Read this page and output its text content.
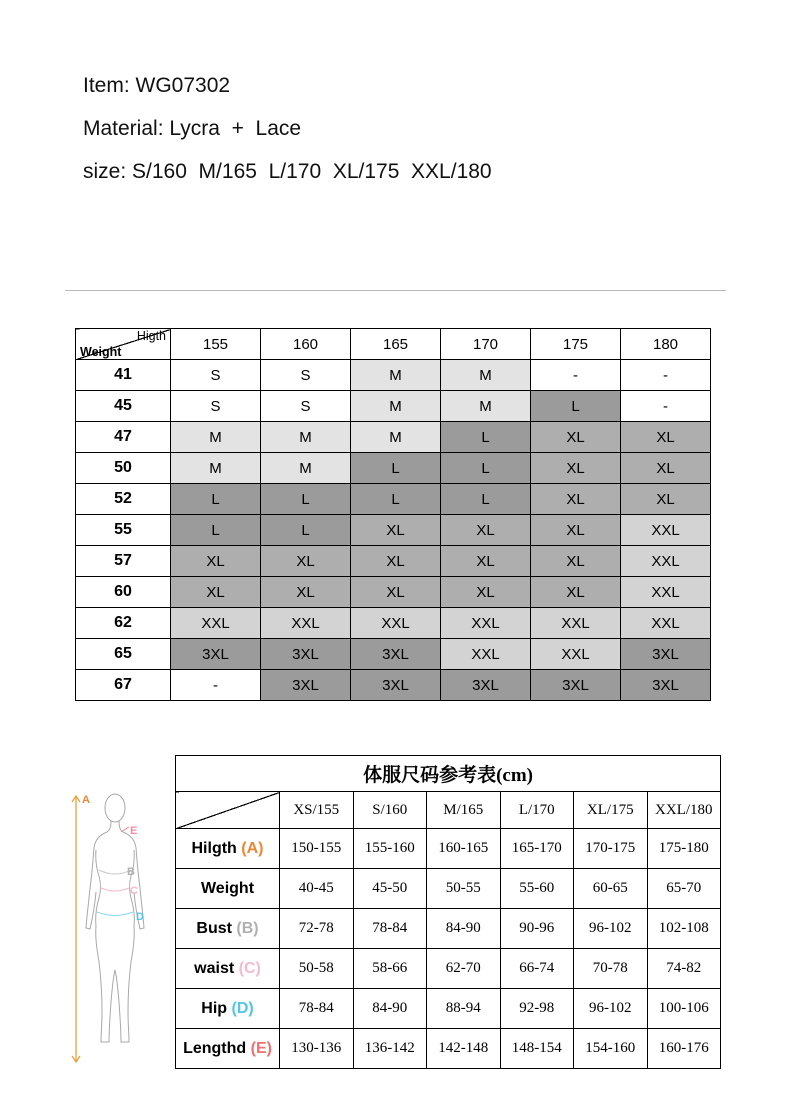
Item: WG07302
Material: Lycra  +  Lace
size: S/160  M/165  L/170  XL/175  XXL/180
Higth
Weight	155	160	165	170	175	180
41	S	S	M	M	-	-
45	S	S	M	M	L	-
47	M	M	M	L	XL	XL
50	M	M	L	L	XL	XL
52	L	L	L	L	XL	XL
55	L	L	XL	XL	XL	XXL
57	XL	XL	XL	XL	XL	XXL
60	XL	XL	XL	XL	XL	XXL
62	XXL	XXL	XXL	XXL	XXL	XXL
65	3XL	3XL	3XL	XXL	XXL	3XL
67	-	3XL	3XL	3XL	3XL	3XL
A
E
B
C
D
体服尺码参考表(cm)						
	XS/155	S/160	M/165	L/170	XL/175	XXL/180
Hilgth (A)	150-155	155-160	160-165	165-170	170-175	175-180
Weight	40-45	45-50	50-55	55-60	60-65	65-70
Bust (B)	72-78	78-84	84-90	90-96	96-102	102-108
waist (C)	50-58	58-66	62-70	66-74	70-78	74-82
Hip (D)	78-84	84-90	88-94	92-98	96-102	100-106
Lengthd (E)	130-136	136-142	142-148	148-154	154-160	160-176
